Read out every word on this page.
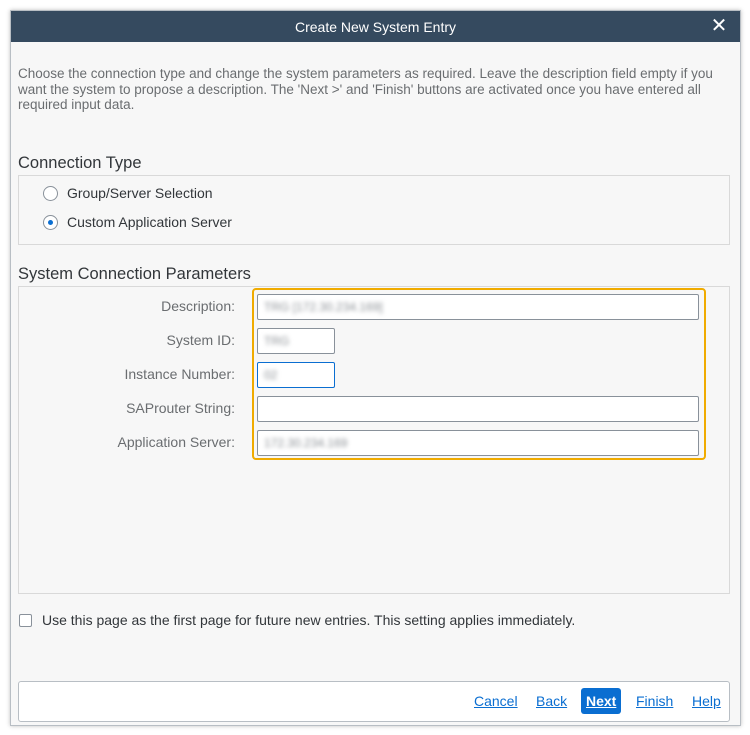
Create New System Entry	✕
Choose the connection type and change the system parameters as required. Leave the description field empty if you want the system to propose a description. The 'Next >' and 'Finish' buttons are activated once you have entered all required input data.
Connection Type
Group/Server Selection
Custom Application Server
System Connection Parameters
Description:	TRG [172.30.234.169]
System ID:	TRG
Instance Number:	02
SAProuter String:
Application Server:	172.30.234.169
Use this page as the first page for future new entries. This setting applies immediately.
Cancel Back	Next	Finish Help
